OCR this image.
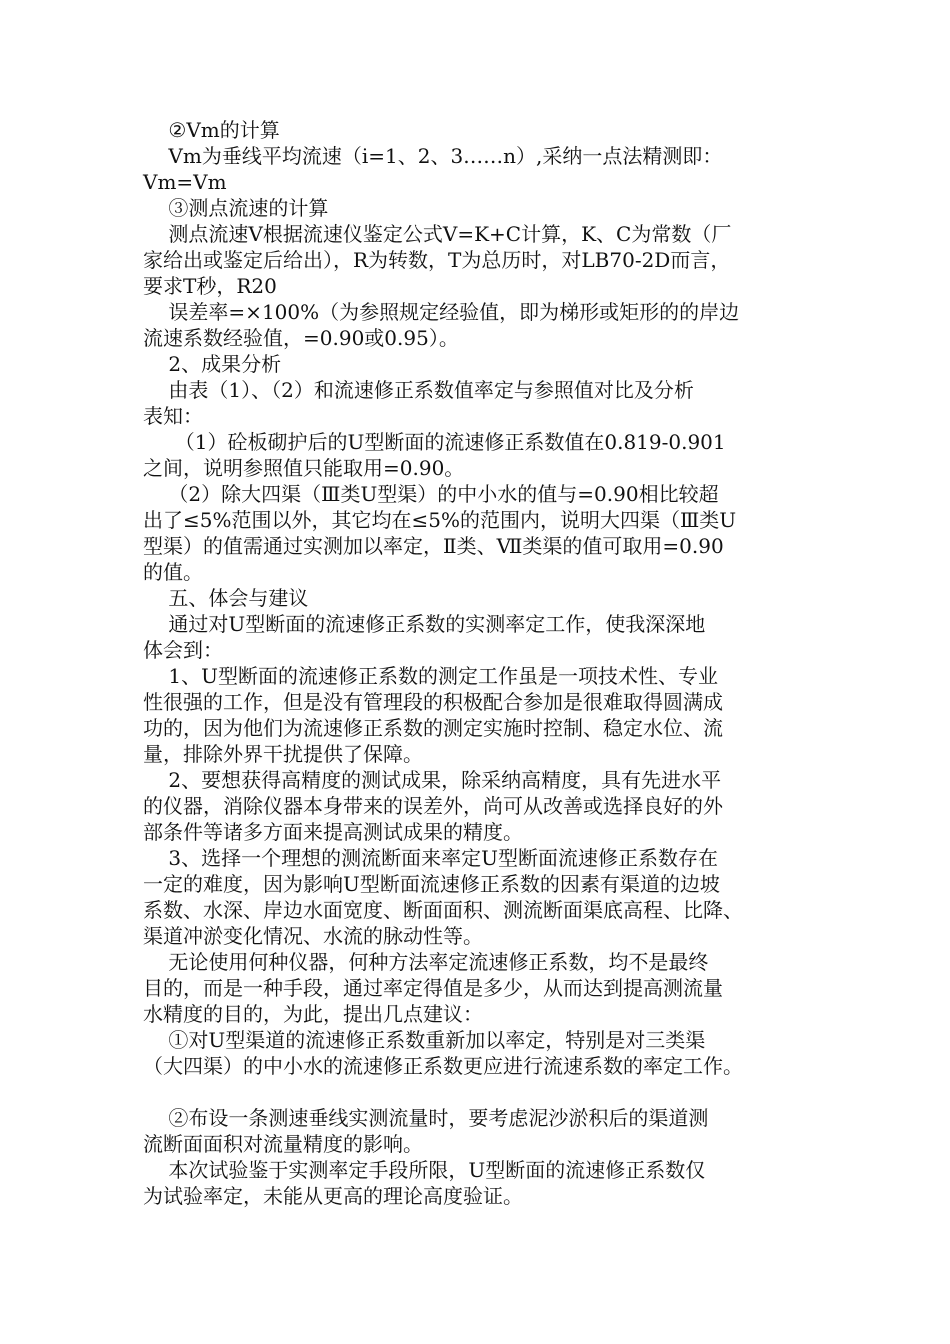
②Vm的计算
Vm为垂线平均流速（i=1、2、3……n）,采纳一点法精测即：
Vm=Vm
③测点流速的计算
测点流速V根据流速仪鉴定公式V=K+C计算，K、C为常数（厂
家给出或鉴定后给出），R为转数，T为总历时，对LB70-2D而言，
要求T秒，R20
误差率=×100%（为参照规定经验值，即为梯形或矩形的的岸边
流速系数经验值，=0.90或0.95）。
2、成果分析
由表（1）、（2）和流速修正系数值率定与参照值对比及分析
表知：
（1）砼板砌护后的U型断面的流速修正系数值在0.819-0.901
之间，说明参照值只能取用=0.90。
（2）除大四渠（Ⅲ类U型渠）的中小水的值与=0.90相比较超
出了≤5%范围以外，其它均在≤5%的范围内，说明大四渠（Ⅲ类U
型渠）的值需通过实测加以率定，Ⅱ类、Ⅶ类渠的值可取用=0.90
的值。
五、体会与建议
通过对U型断面的流速修正系数的实测率定工作，使我深深地
体会到：
1、U型断面的流速修正系数的测定工作虽是一项技术性、专业
性很强的工作，但是没有管理段的积极配合参加是很难取得圆满成
功的，因为他们为流速修正系数的测定实施时控制、稳定水位、流
量，排除外界干扰提供了保障。
2、要想获得高精度的测试成果，除采纳高精度，具有先进水平
的仪器，消除仪器本身带来的误差外，尚可从改善或选择良好的外
部条件等诸多方面来提高测试成果的精度。
3、选择一个理想的测流断面来率定U型断面流速修正系数存在
一定的难度，因为影响U型断面流速修正系数的因素有渠道的边坡
系数、水深、岸边水面宽度、断面面积、测流断面渠底高程、比降、
渠道冲淤变化情况、水流的脉动性等。
无论使用何种仪器，何种方法率定流速修正系数，均不是最终
目的，而是一种手段，通过率定得值是多少，从而达到提高测流量
水精度的目的，为此，提出几点建议：
①对U型渠道的流速修正系数重新加以率定，特别是对三类渠
（大四渠）的中小水的流速修正系数更应进行流速系数的率定工作。
②布设一条测速垂线实测流量时，要考虑泥沙淤积后的渠道测
流断面面积对流量精度的影响。
本次试验鉴于实测率定手段所限，U型断面的流速修正系数仅
为试验率定，未能从更高的理论高度验证。
